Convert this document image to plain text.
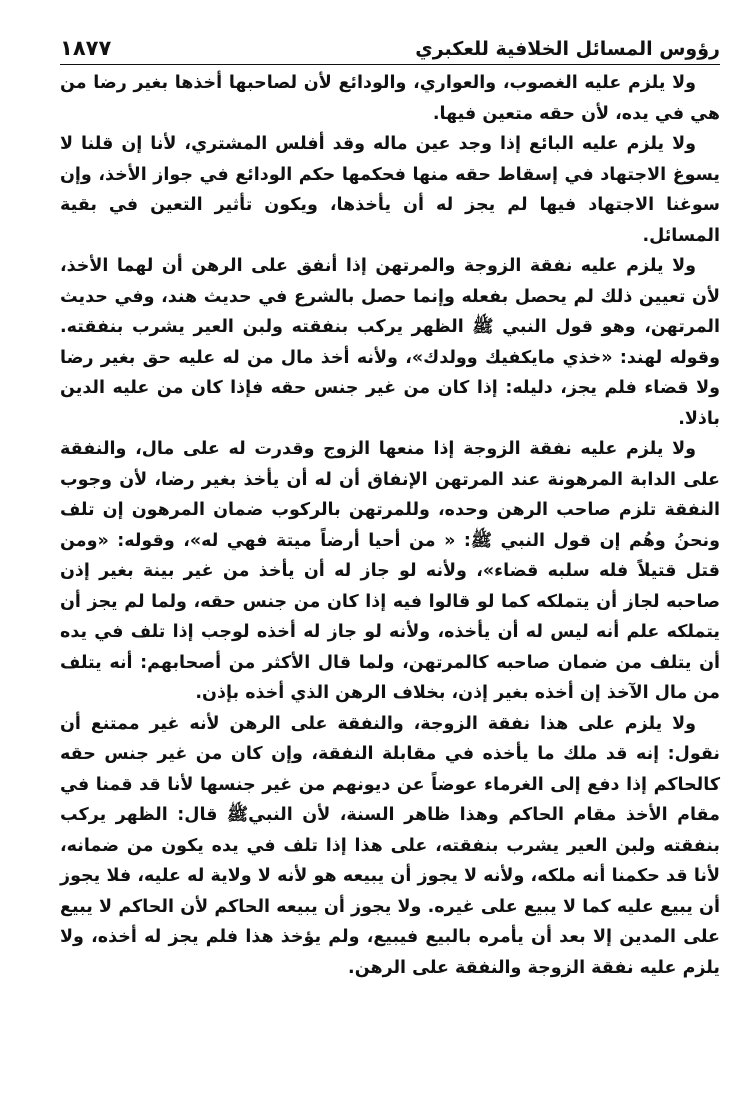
رؤوس المسائل الخلافية للعكبري
١٨٧٧

ولا يلزم عليه الغصوب، والعواري، والودائع لأن لصاحبها أخذها بغير رضا من هي في يده، لأن حقه متعين فيها.

ولا يلزم عليه البائع إذا وجد عين ماله وقد أفلس المشتري، لأنا إن قلنا لا يسوغ الاجتهاد في إسقاط حقه منها فحكمها حكم الودائع في جواز الأخذ، وإن سوغنا الاجتهاد فيها لم يجز له أن يأخذها، ويكون تأثير التعين في بقية المسائل.

ولا يلزم عليه نفقة الزوجة والمرتهن إذا أنفق على الرهن أن لهما الأخذ، لأن تعيين ذلك لم يحصل بفعله وإنما حصل بالشرع في حديث هند، وفي حديث المرتهن، وهو قول النبي ﷺ الظهر يركب بنفقته ولبن العير يشرب بنفقته. وقوله لهند: «خذي مايكفيك وولدك»، ولأنه أخذ مال من له عليه حق بغير رضا ولا قضاء فلم يجز، دليله: إذا كان من غير جنس حقه فإذا كان من عليه الدين باذلا.

ولا يلزم عليه نفقة الزوجة إذا منعها الزوج وقدرت له على مال، والنفقة على الدابة المرهونة عند المرتهن الإنفاق أن له أن يأخذ بغير رضا، لأن وجوب النفقة تلزم صاحب الرهن وحده، وللمرتهن بالركوب ضمان المرهون إن تلف ونحنُ وهُم إن قول النبي ﷺ: « من أحيا أرضاً ميتة فهي له»، وقوله: «ومن قتل قتيلاً فله سلبه قضاء»، ولأنه لو جاز له أن يأخذ من غير بينة بغير إذن صاحبه لجاز أن يتملكه كما لو قالوا فيه إذا كان من جنس حقه، ولما لم يجز أن يتملكه علم أنه ليس له أن يأخذه، ولأنه لو جاز له أخذه لوجب إذا تلف في يده أن يتلف من ضمان صاحبه كالمرتهن، ولما قال الأكثر من أصحابهم: أنه يتلف من مال الآخذ إن أخذه بغير إذن، بخلاف الرهن الذي أخذه بإذن.

ولا يلزم على هذا نفقة الزوجة، والنفقة على الرهن لأنه غير ممتنع أن نقول: إنه قد ملك ما يأخذه في مقابلة النفقة، وإن كان من غير جنس حقه كالحاكم إذا دفع إلى الغرماء عوضاً عن ديونهم من غير جنسها لأنا قد قمنا في مقام الأخذ مقام الحاكم وهذا ظاهر السنة، لأن النبيﷺ قال: الظهر يركب بنفقته ولبن العير يشرب بنفقته، على هذا إذا تلف في يده يكون من ضمانه، لأنا قد حكمنا أنه ملكه، ولأنه لا يجوز أن يبيعه هو لأنه لا ولاية له عليه، فلا يجوز أن يبيع عليه كما لا يبيع على غيره. ولا يجوز أن يبيعه الحاكم لأن الحاكم لا يبيع على المدين إلا بعد أن يأمره بالبيع فيبيع، ولم يؤخذ هذا فلم يجز له أخذه، ولا يلزم عليه نفقة الزوجة والنفقة على الرهن.
